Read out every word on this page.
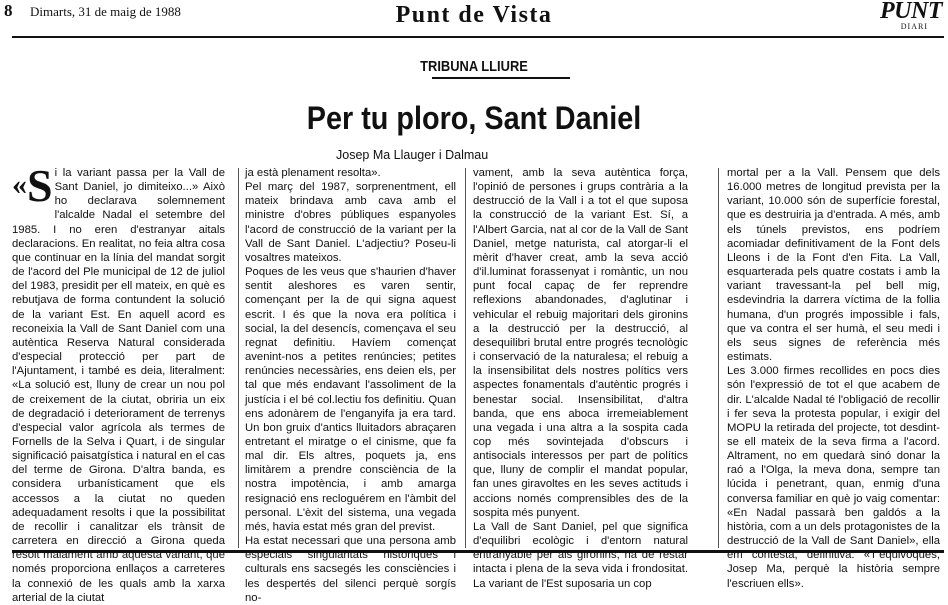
8 Dimarts, 31 de maig de 1988	Punt de Vista	PUNT
DIARI
TRIBUNA LLIURE
Per tu ploro, Sant Daniel
Josep Ma Llauger i Dalmau
« S i la variant passa per la Vall de Sant Daniel, jo dimiteixo...» Això ho declarava solemnement l'alcalde Nadal el setembre del 1985. I no eren d'estranyar aitals declaracions. En realitat, no feia altra cosa que continuar en la línia del mandat sorgit de l'acord del Ple municipal de 12 de juliol del 1983, presidit per ell mateix, en què es rebutjava de forma contundent la solució de la variant Est. En aquell acord es reconeixia la Vall de Sant Daniel com una autèntica Reserva Natural considerada d'especial protecció per part de l'Ajuntament, i també es deia, literalment: «La solució est, lluny de crear un nou pol de creixement de la ciutat, obriria un eix de degradació i deteriorament de terrenys d'especial valor agrícola als termes de Fornells de la Selva i Quart, i de singular significació paisatgística i natural en el cas del terme de Girona. D'altra banda, es considera urbanísticament que els accessos a la ciutat no queden adequadament resolts i que la possibilitat de recollir i canalitzar els trànsit de carretera en direcció a Girona queda resolt malament amb aquesta variant, que només proporciona enllaços a carreteres la connexió de les quals amb la xarxa arterial de la ciutat

ja està plenament resolta».
Pel març del 1987, sorprenentment, ell mateix brindava amb cava amb el ministre d'obres públiques espanyoles l'acord de construcció de la variant per la Vall de Sant Daniel. L'adjectiu? Poseu-li vosaltres mateixos.
Poques de les veus que s'haurien d'haver sentit aleshores es varen sentir, començant per la de qui signa aquest escrit. I és que la nova era política i social, la del desencís, començava el seu regnat definitiu. Havíem començat avenint-nos a petites renúncies; petites renúncies necessàries, ens deien els, per tal que més endavant l'assoliment de la justícia i el bé col.lectiu fos definitiu. Quan ens adonàrem de l'enganyifa ja era tard. Un bon gruix d'antics lluitadors abraçaren entretant el miratge o el cinisme, que fa mal dir. Els altres, poquets ja, ens limitàrem a prendre consciència de la nostra impotència, i amb amarga resignació ens recloguérem en l'àmbit del personal. L'èxit del sistema, una vegada més, havia estat més gran del previst.
Ha estat necessari que una persona amb especials singularitats històriques i culturals ens sacsegés les consciències i les despertés del silenci perquè sorgís no-

vament, amb la seva autèntica força, l'opinió de persones i grups contrària a la destrucció de la Vall i a tot el que suposa la construcció de la variant Est. Sí, a l'Albert Garcia, nat al cor de la Vall de Sant Daniel, metge naturista, cal atorgar-li el mèrit d'haver creat, amb la seva acció d'il.luminat forassenyat i romàntic, un nou punt focal capaç de fer reprendre reflexions abandonades, d'aglutinar i vehicular el rebuig majoritari dels gironins a la destrucció per la destrucció, al desequilibri brutal entre progrés tecnològic i conservació de la naturalesa; el rebuig a la insensibilitat dels nostres polítics vers aspectes fonamentals d'autèntic progrés i benestar social. Insensibilitat, d'altra banda, que ens aboca irremeiablement una vegada i una altra a la sospita cada cop més sovintejada d'obscurs i antisocials interessos per part de polítics que, lluny de complir el mandat popular, fan unes giravoltes en les seves actituds i accions només comprensibles des de la sospita més punyent.
La Vall de Sant Daniel, pel que significa d'equilibri ecològic i d'entorn natural entranyable per als gironins, ha de restar intacta i plena de la seva vida i frondositat. La variant de l'Est suposaria un cop

mortal per a la Vall. Pensem que dels 16.000 metres de longitud prevista per la variant, 10.000 són de superfície forestal, que es destruiria ja d'entrada. A més, amb els túnels previstos, ens podríem acomiadar definitivament de la Font dels Lleons i de la Font d'en Fita. La Vall, esquarterada pels quatre costats i amb la variant travessant-la pel bell mig, esdevindria la darrera víctima de la follia humana, d'un progrés impossible i fals, que va contra el ser humà, el seu medi i els seus signes de referència més estimats.
Les 3.000 firmes recollides en pocs dies són l'expressió de tot el que acabem de dir. L'alcalde Nadal té l'obligació de recollir i fer seva la protesta popular, i exigir del MOPU la retirada del projecte, tot desdint-se ell mateix de la seva firma a l'acord. Altrament, no em quedarà sinó donar la raó a l'Olga, la meva dona, sempre tan lúcida i penetrant, quan, enmig d'una conversa familiar en què jo vaig comentar: «En Nadal passarà ben galdós a la història, com a un dels protagonistes de la destrucció de la Vall de Sant Daniel», ella em contestà, definitiva: «T'equivoques, Josep Ma, perquè la història sempre l'escriuen ells».
